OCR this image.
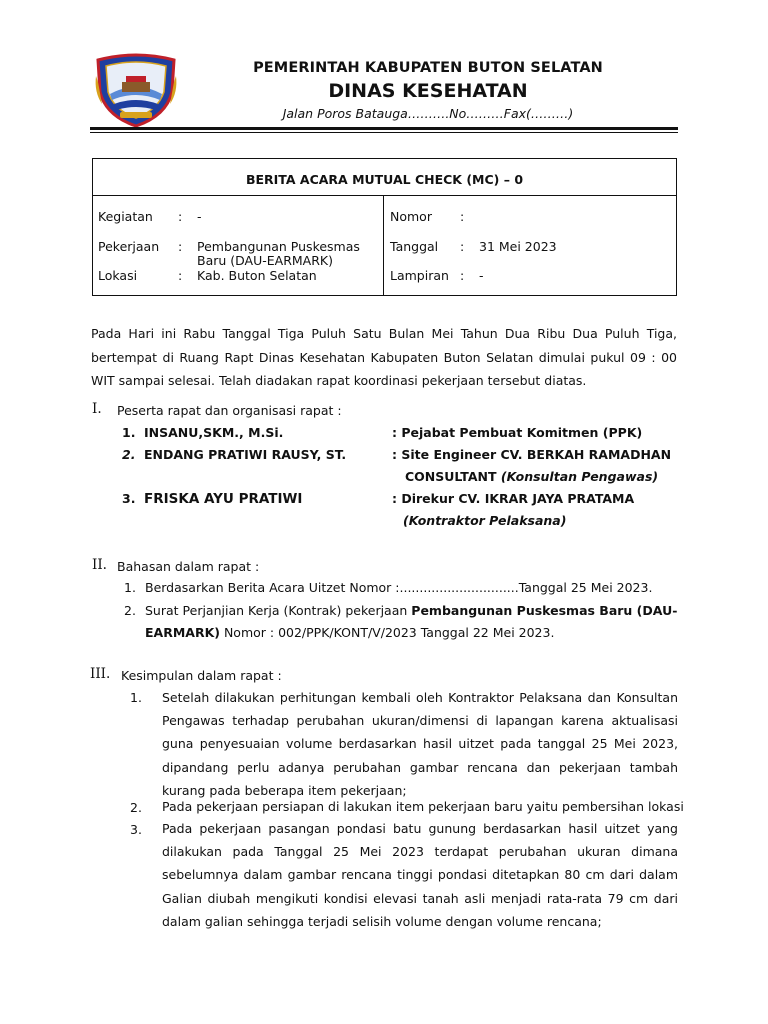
PEMERINTAH KABUPATEN BUTON SELATAN
DINAS KESEHATAN
Jalan Poros Batauga……….No………Fax(………)
BERITA ACARA MUTUAL CHECK (MC) – 0
Kegiatan : -
Pekerjaan : Pembangunan Puskesmas
Baru (DAU-EARMARK)
Lokasi	: Kab. Buton Selatan
Nomor :
Tanggal : 31 Mei 2023
Lampiran : -
Pada Hari ini Rabu Tanggal Tiga Puluh Satu Bulan Mei Tahun Dua Ribu Dua Puluh Tiga, bertempat di Ruang Rapt Dinas Kesehatan Kabupaten Buton Selatan dimulai pukul 09 : 00 WIT sampai selesai. Telah diadakan rapat koordinasi pekerjaan tersebut diatas.
I. Peserta rapat dan organisasi rapat :
1. INSANU,SKM., M.Si.	: Pejabat Pembuat Komitmen (PPK)
2. ENDANG PRATIWI RAUSY, ST.	: Site Engineer CV. BERKAH RAMADHAN
CONSULTANT (Konsultan Pengawas)
3. FRISKA AYU PRATIWI	: Direkur CV. IKRAR JAYA PRATAMA
(Kontraktor Pelaksana)
II. Bahasan dalam rapat :
1. Berdasarkan Berita Acara Uitzet Nomor :..............................Tanggal 25 Mei 2023.
2. Surat Perjanjian Kerja (Kontrak) pekerjaan Pembangunan Puskesmas Baru (DAU-
EARMARK) Nomor : 002/PPK/KONT/V/2023 Tanggal 22 Mei 2023.
III. Kesimpulan dalam rapat :
1. Setelah dilakukan perhitungan kembali oleh Kontraktor Pelaksana dan Konsultan Pengawas terhadap perubahan ukuran/dimensi di lapangan karena aktualisasi guna penyesuaian volume berdasarkan hasil uitzet pada tanggal 25 Mei 2023, dipandang perlu adanya perubahan gambar rencana dan pekerjaan tambah kurang pada beberapa item pekerjaan;
2. Pada pekerjaan persiapan di lakukan item pekerjaan baru yaitu pembersihan lokasi
3. Pada pekerjaan pasangan pondasi batu gunung berdasarkan hasil uitzet yang dilakukan pada Tanggal 25 Mei 2023 terdapat perubahan ukuran dimana sebelumnya dalam gambar rencana tinggi pondasi ditetapkan 80 cm dari dalam Galian diubah mengikuti kondisi elevasi tanah asli menjadi rata-rata 79 cm dari dalam galian sehingga terjadi selisih volume dengan volume rencana;
